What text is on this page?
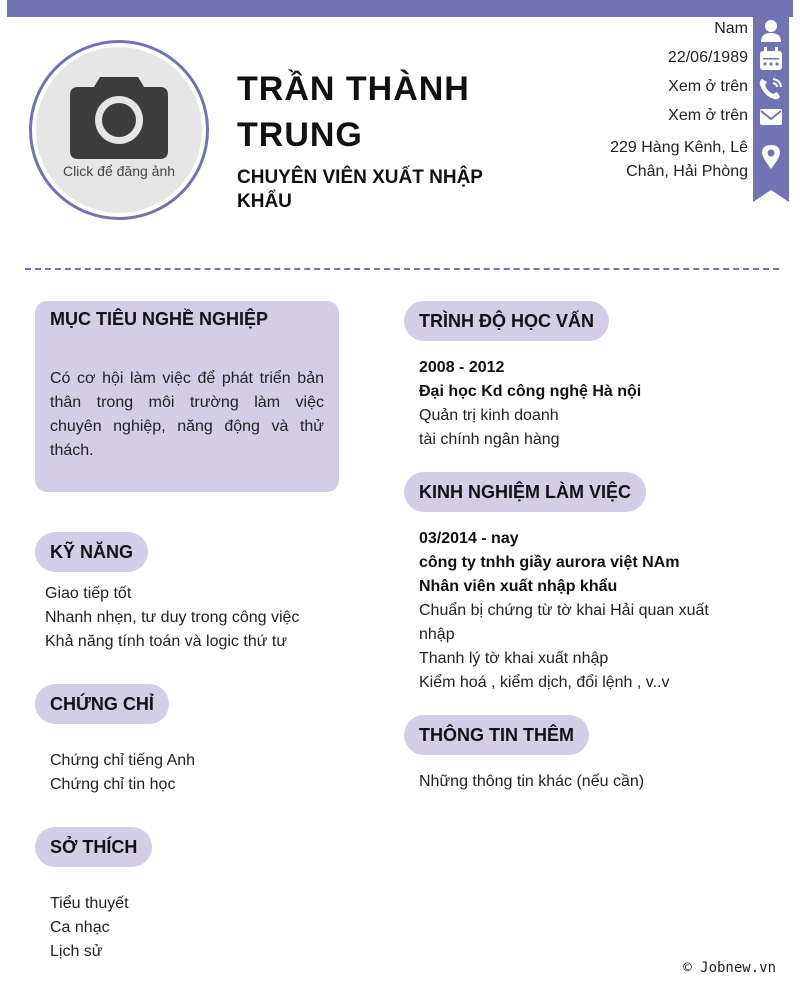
Click để đăng ảnh
TRẦN THÀNH TRUNG
CHUYÊN VIÊN XUẤT NHẬP KHẨU
Nam
22/06/1989
Xem ở trên
Xem ở trên
229 Hàng Kênh, Lê Chân, Hải Phòng
MỤC TIÊU NGHỀ NGHIỆP
Có cơ hội làm việc để phát triển bản thân trong môi trường làm việc chuyên nghiệp, năng động và thử thách.
KỸ NĂNG
Giao tiếp tốt
Nhanh nhẹn, tư duy trong công việc
Khả năng tính toán và logic thứ tư
CHỨNG CHỈ
Chứng chỉ tiếng Anh
Chứng chỉ tin học
SỞ THÍCH
Tiểu thuyết
Ca nhạc
Lịch sử
TRÌNH ĐỘ HỌC VẤN
2008 - 2012
Đại học Kd công nghệ Hà nội
Quản trị kinh doanh
tài chính ngân hàng
KINH NGHIỆM LÀM VIỆC
03/2014 - nay
công ty tnhh giầy aurora việt NAm
Nhân viên xuất nhập khẩu
Chuẩn bị chứng từ tờ khai Hải quan xuất
nhập
Thanh lý tờ khai xuất nhập
Kiểm hoá , kiểm dịch, đổi lệnh , v..v
THÔNG TIN THÊM
Những thông tin khác (nếu cần)
© Jobnew.vn
